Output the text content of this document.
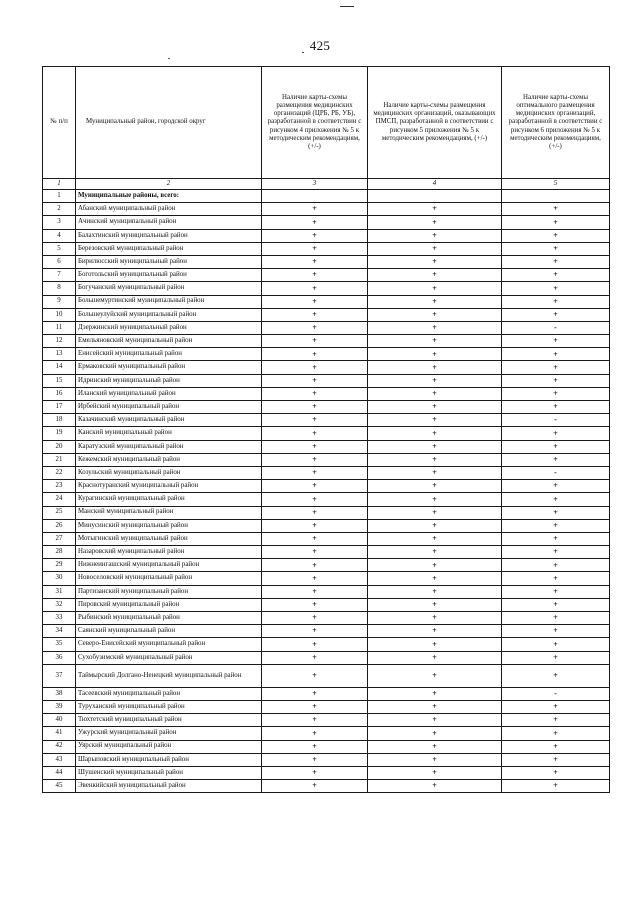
425
№ п/п	Муниципальный район, городской округ	Наличие карты-схемы размещения медицинских организаций (ЦРБ, РБ, УБ), разработанной в соответствии с рисунком 4 приложения № 5 к методическим рекомендациям, (+/-)	Наличие карты-схемы размещения медицинских организаций, оказывающих ПМСП, разработанной в соответствии с рисунком 5 приложения № 5 к методическим рекомендациям, (+/-)	Наличие карты-схемы оптимального размещения медицинских организаций, разработанной в соответствии с рисунком 6 приложения № 5 к методическим рекомендациям, (+/-)
1	2	3	4	5
1	Муниципальные районы, всего:			
2	Абанский муниципальный район	+	+	+
3	Ачинский муниципальный район	+	+	+
4	Балахтинский муниципальный район	+	+	+
5	Березовский муниципальный район	+	+	+
6	Бирилюсский муниципальный район	+	+	+
7	Боготольский муниципальный район	+	+	+
8	Богучанский муниципальный район	+	+	+
9	Большемуртинский муниципальный район	+	+	+
10	Большеулуйский муниципальный район	+	+	+
11	Дзержинский муниципальный район	+	+	-
12	Емельяновский муниципальный район	+	+	+
13	Енисейский муниципальный район	+	+	+
14	Ермаковский муниципальный район	+	+	+
15	Идринский муниципальный район	+	+	+
16	Иланский муниципальный район	+	+	+
17	Ирбейский муниципальный район	+	+	+
18	Казачинский муниципальный район	+	+	-
19	Канский муниципальный район	+	+	+
20	Каратузский муниципальный район	+	+	+
21	Кежемский муниципальный район	+	+	+
22	Козульский муниципальный район	+	+	-
23	Краснотуранский муниципальный район	+	+	+
24	Курагинский муниципальный район	+	+	+
25	Манский муниципальный район	+	+	+
26	Минусинский муниципальный район	+	+	+
27	Мотыгинский муниципальный район	+	+	+
28	Назаровский муниципальный район	+	+	+
29	Нижнеингашский муниципальный район	+	+	+
30	Новоселовский муниципальный район	+	+	+
31	Партизанский муниципальный район	+	+	+
32	Пировский муниципальный район	+	+	+
33	Рыбинский муниципальный район	+	+	+
34	Саянский муниципальный район	+	+	+
35	Северо-Енисейский муниципальный район	+	+	+
36	Сухобузимский муниципальный район	+	+	+
37	Таймырский Долгано-Ненецкий муниципальный район	+	+	+
38	Тасеевский муниципальный район	+	+	-
39	Туруханский муниципальный район	+	+	+
40	Тюхтетский муниципальный район	+	+	+
41	Ужурский муниципальный район	+	+	+
42	Уярский муниципальный район	+	+	+
43	Шарыповский муниципальный район	+	+	+
44	Шушенский муниципальный район	+	+	+
45	Эвенкийский муниципальный район	+	+	+
